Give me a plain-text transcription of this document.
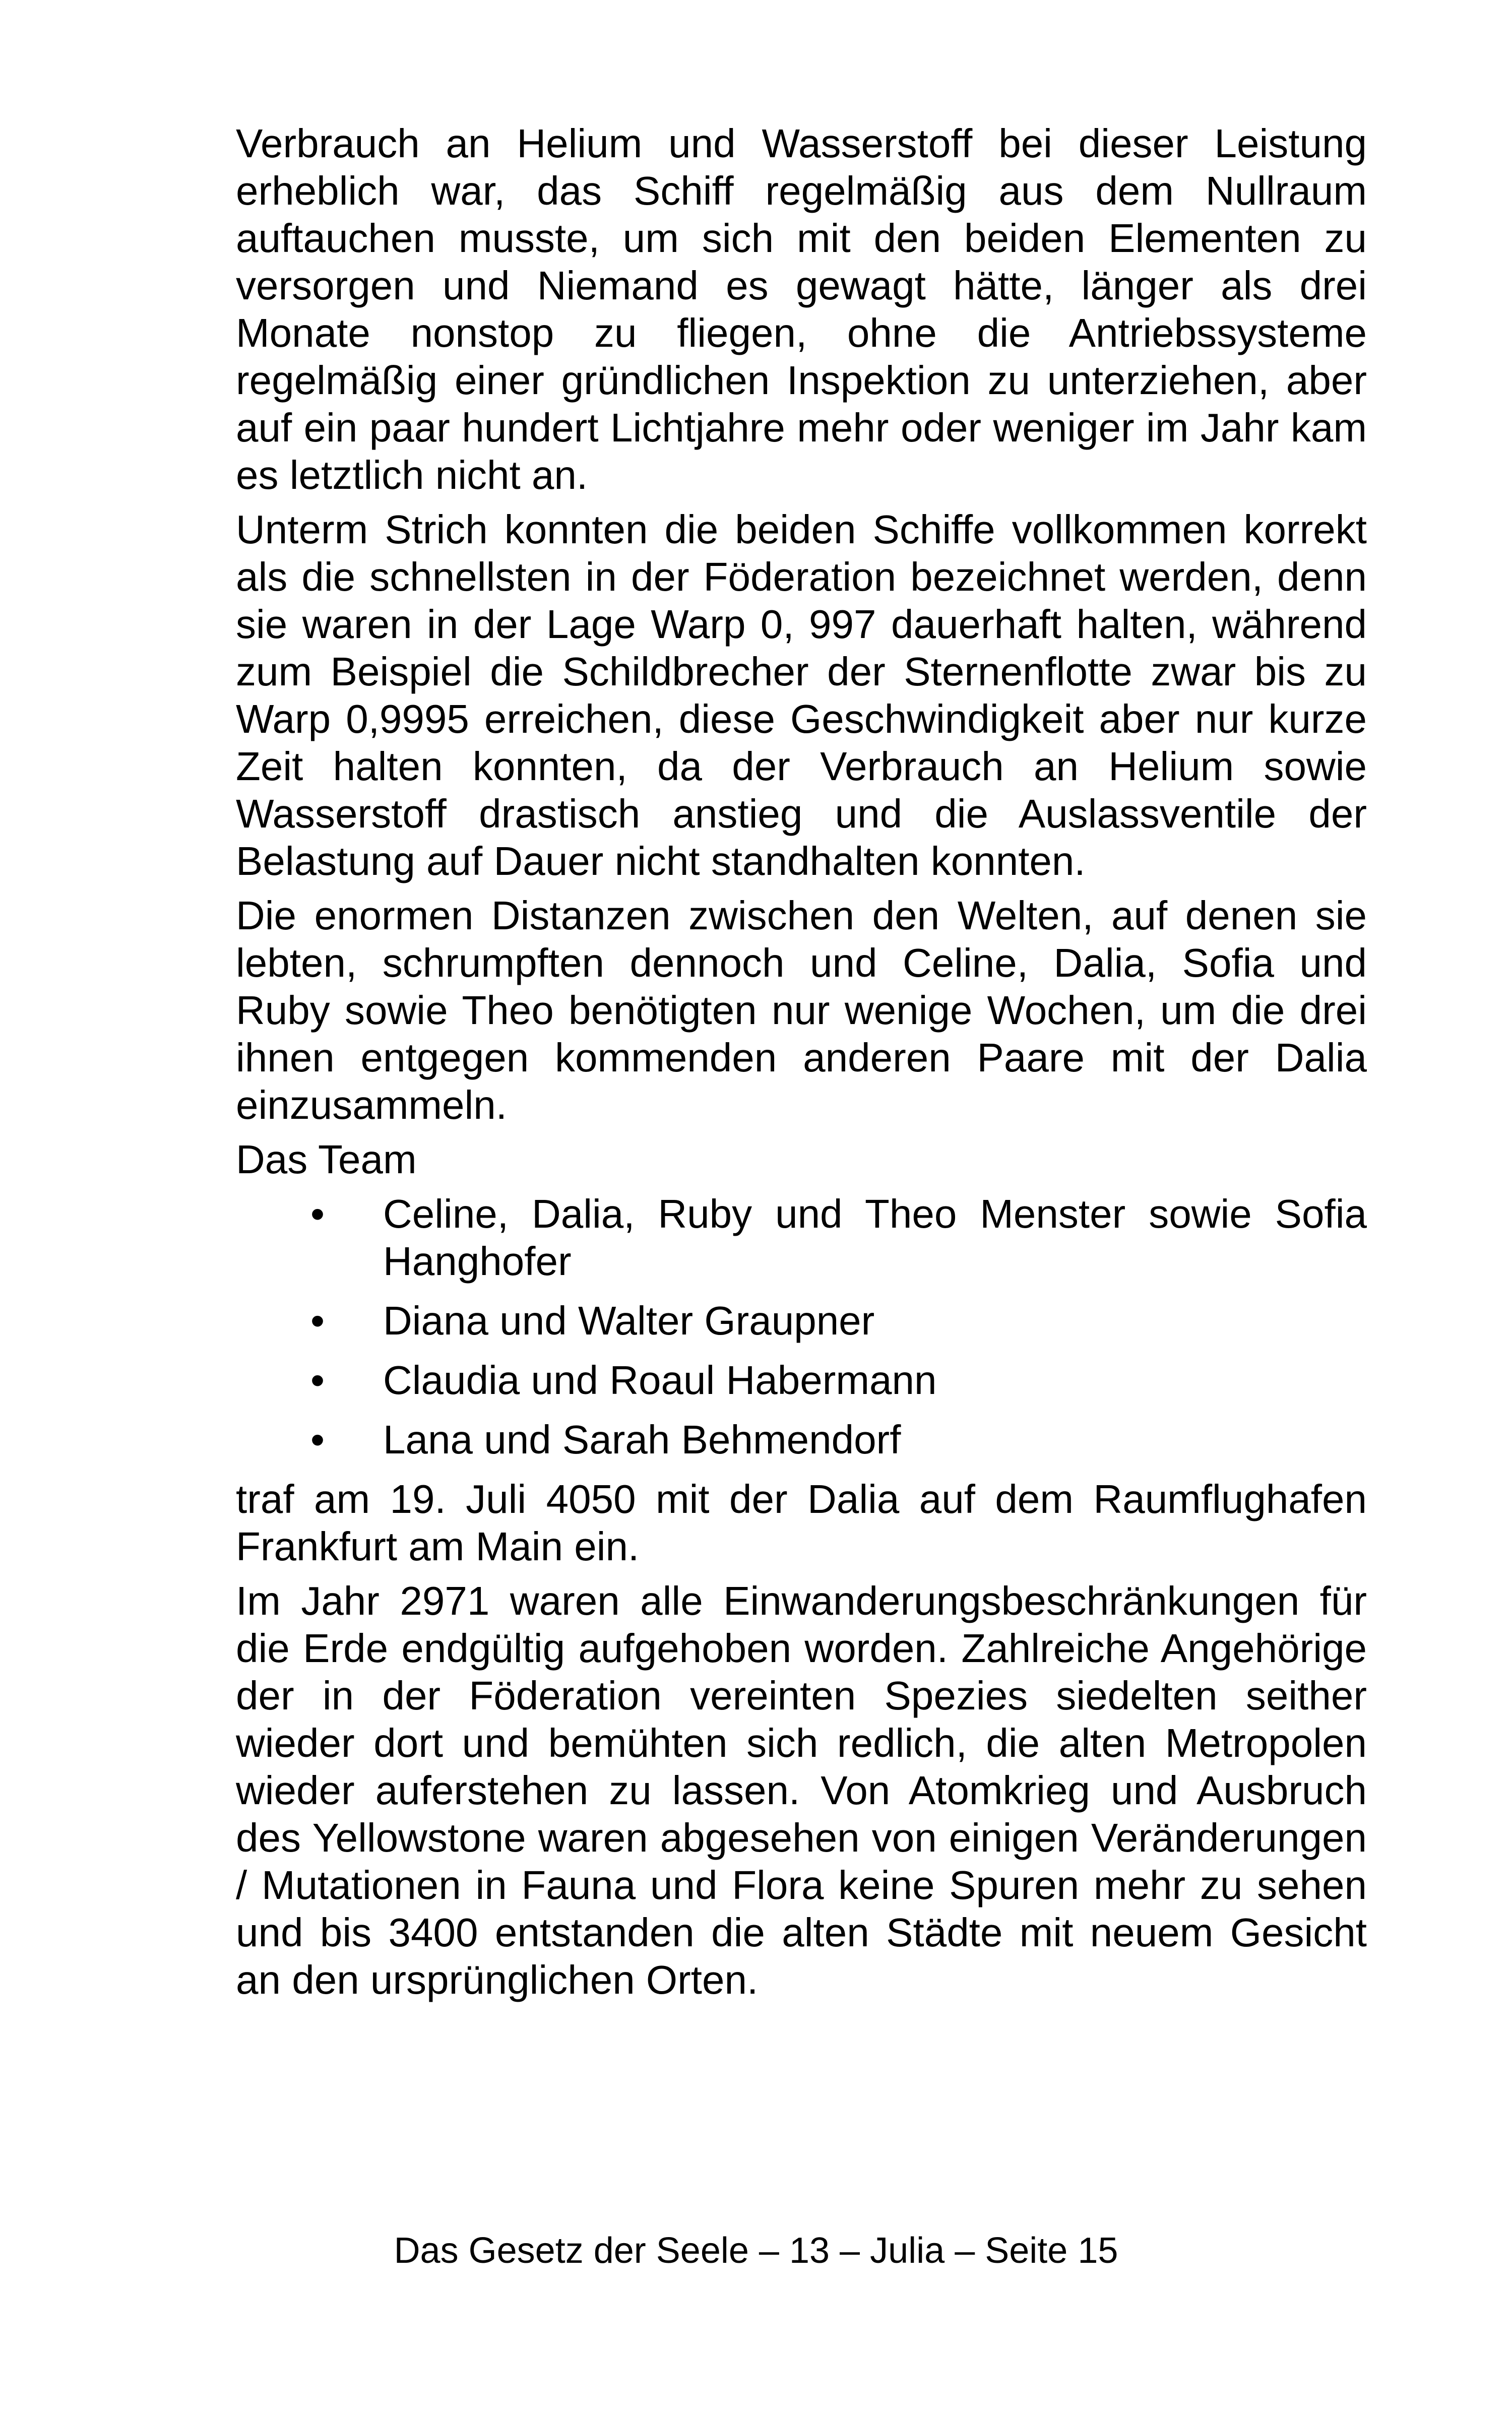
Verbrauch an Helium und Wasserstoff bei dieser Leistung erheblich war, das Schiff regelmäßig aus dem Nullraum auftauchen musste, um sich mit den beiden Elementen zu versorgen und Niemand es gewagt hätte, länger als drei Monate nonstop zu fliegen, ohne die Antriebssysteme regelmäßig einer gründlichen Inspektion zu unterziehen, aber auf ein paar hundert Lichtjahre mehr oder weniger im Jahr kam es letztlich nicht an.

Unterm Strich konnten die beiden Schiffe vollkommen korrekt als die schnellsten in der Föderation bezeichnet werden, denn sie waren in der Lage Warp 0, 997 dauerhaft halten, während zum Beispiel die Schildbrecher der Sternenflotte zwar bis zu Warp 0,9995 erreichen, diese Geschwindigkeit aber nur kurze Zeit halten konnten, da der Verbrauch an Helium sowie Wasserstoff drastisch anstieg und die Auslassventile der Belastung auf Dauer nicht standhalten konnten.

Die enormen Distanzen zwischen den Welten, auf denen sie lebten, schrumpften dennoch und Celine, Dalia, Sofia und Ruby sowie Theo benötigten nur wenige Wochen, um die drei ihnen entgegen kommenden anderen Paare mit der Dalia einzusammeln.

Das Team
• Celine, Dalia, Ruby und Theo Menster sowie Sofia Hanghofer
• Diana und Walter Graupner
• Claudia und Roaul Habermann
• Lana und Sarah Behmendorf

traf am 19. Juli 4050 mit der Dalia auf dem Raumflughafen Frankfurt am Main ein.

Im Jahr 2971 waren alle Einwanderungsbeschränkungen für die Erde endgültig aufgehoben worden. Zahlreiche Angehörige der in der Föderation vereinten Spezies siedelten seither wieder dort und bemühten sich redlich, die alten Metropolen wieder auferstehen zu lassen. Von Atomkrieg und Ausbruch des Yellowstone waren abgesehen von einigen Veränderungen / Mutationen in Fauna und Flora keine Spuren mehr zu sehen und bis 3400 entstanden die alten Städte mit neuem Gesicht an den ursprünglichen Orten.

Das Gesetz der Seele – 13 – Julia – Seite 15
